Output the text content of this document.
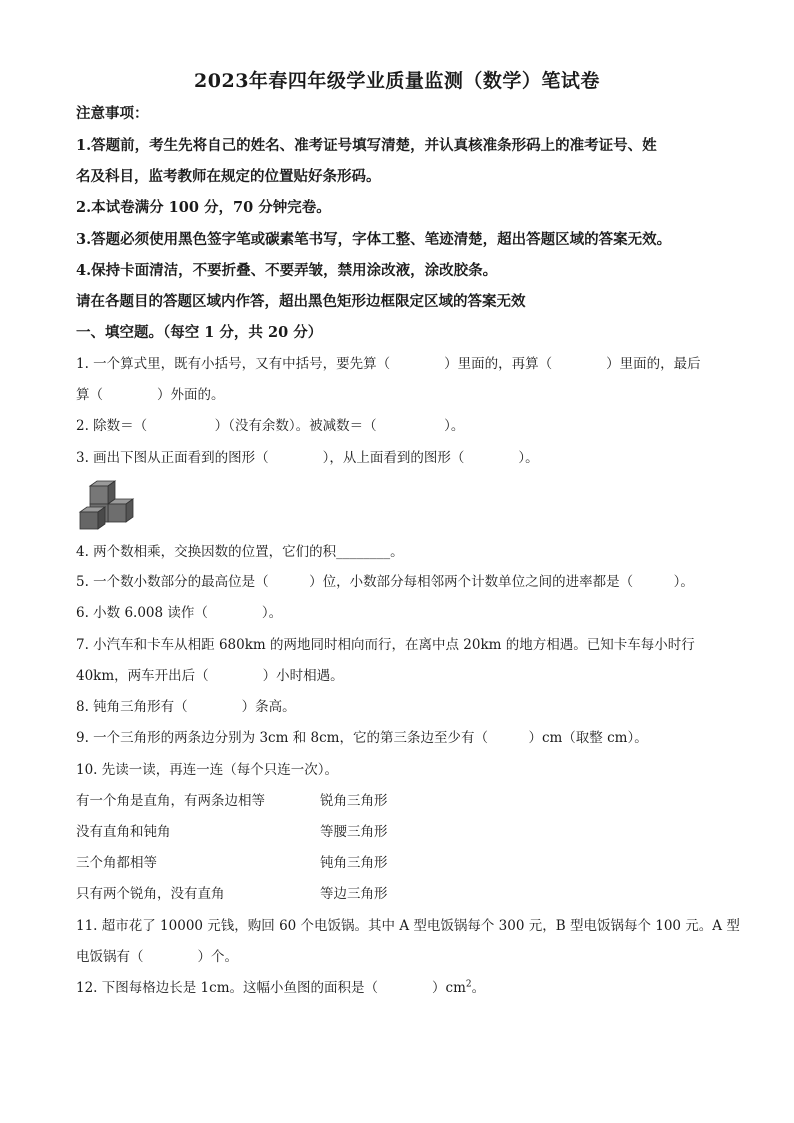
2023年春四年级学业质量监测（数学）笔试卷
注意事项：
1.答题前，考生先将自己的姓名、准考证号填写清楚，并认真核准条形码上的准考证号、姓
名及科目，监考教师在规定的位置贴好条形码。
2.本试卷满分 100 分，70 分钟完卷。
3.答题必须使用黑色签字笔或碳素笔书写，字体工整、笔迹清楚，超出答题区域的答案无效。
4.保持卡面清洁，不要折叠、不要弄皱，禁用涂改液，涂改胶条。
请在各题目的答题区域内作答，超出黑色矩形边框限定区域的答案无效
一、填空题。（每空 1 分，共 20 分）
1. 一个算式里，既有小括号，又有中括号，要先算（　　　　）里面的，再算（　　　　）里面的，最后
算（　　　　）外面的。
2. 除数＝（　　　　　）（没有余数）。被减数＝（　　　　　）。
3. 画出下图从正面看到的图形（　　　　），从上面看到的图形（　　　　）。
4. 两个数相乘，交换因数的位置，它们的积________。
5. 一个数小数部分的最高位是（　　　）位，小数部分每相邻两个计数单位之间的进率都是（　　　）。
6. 小数 6.008 读作（　　　　）。
7. 小汽车和卡车从相距 680km 的两地同时相向而行，在离中点 20km 的地方相遇。已知卡车每小时行
40km，两车开出后（　　　　）小时相遇。
8. 钝角三角形有（　　　　）条高。
9. 一个三角形的两条边分别为 3cm 和 8cm，它的第三条边至少有（　　　）cm（取整 cm）。
10. 先读一读，再连一连（每个只连一次）。
有一个角是直角，有两条边相等	锐角三角形
没有直角和钝角	等腰三角形
三个角都相等	钝角三角形
只有两个锐角，没有直角	等边三角形
11. 超市花了 10000 元钱，购回 60 个电饭锅。其中 A 型电饭锅每个 300 元，B 型电饭锅每个 100 元。A 型
电饭锅有（　　　　）个。
12. 下图每格边长是 1cm。这幅小鱼图的面积是（　　　　）$cm^2$。
